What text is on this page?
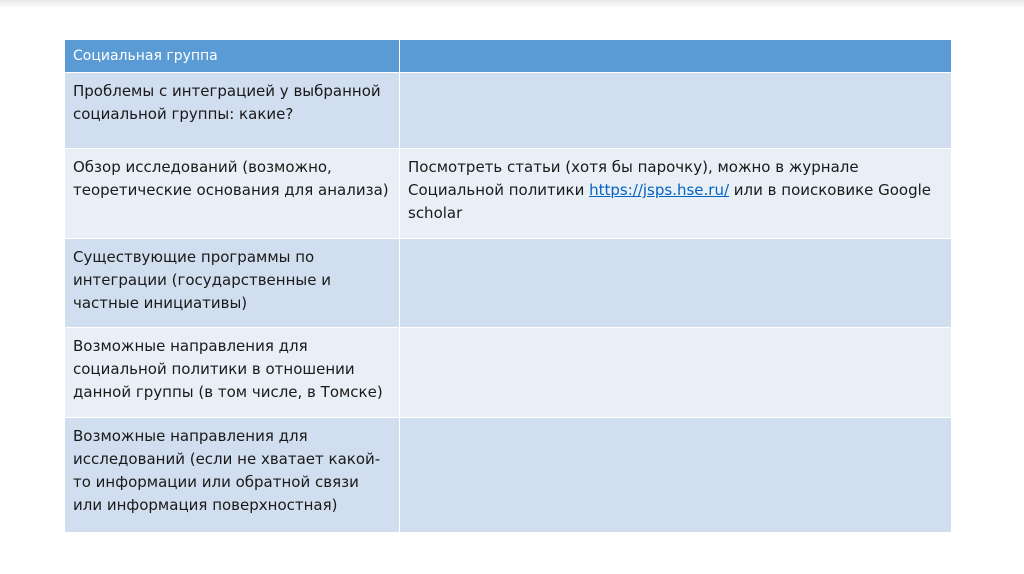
Социальная группа	
Проблемы с интеграцией у выбранной социальной группы: какие?	
Обзор исследований (возможно, теоретические основания для анализа)	Посмотреть статьи (хотя бы парочку), можно в журнале Социальной политики https://jsps.hse.ru/ или в поисковике Google scholar
Существующие программы по интеграции (государственные и частные инициативы)	
Возможные направления для социальной политики в отношении данной группы (в том числе, в Томске)	
Возможные направления для исследований (если не хватает какой-то информации или обратной связи или информация поверхностная)	
